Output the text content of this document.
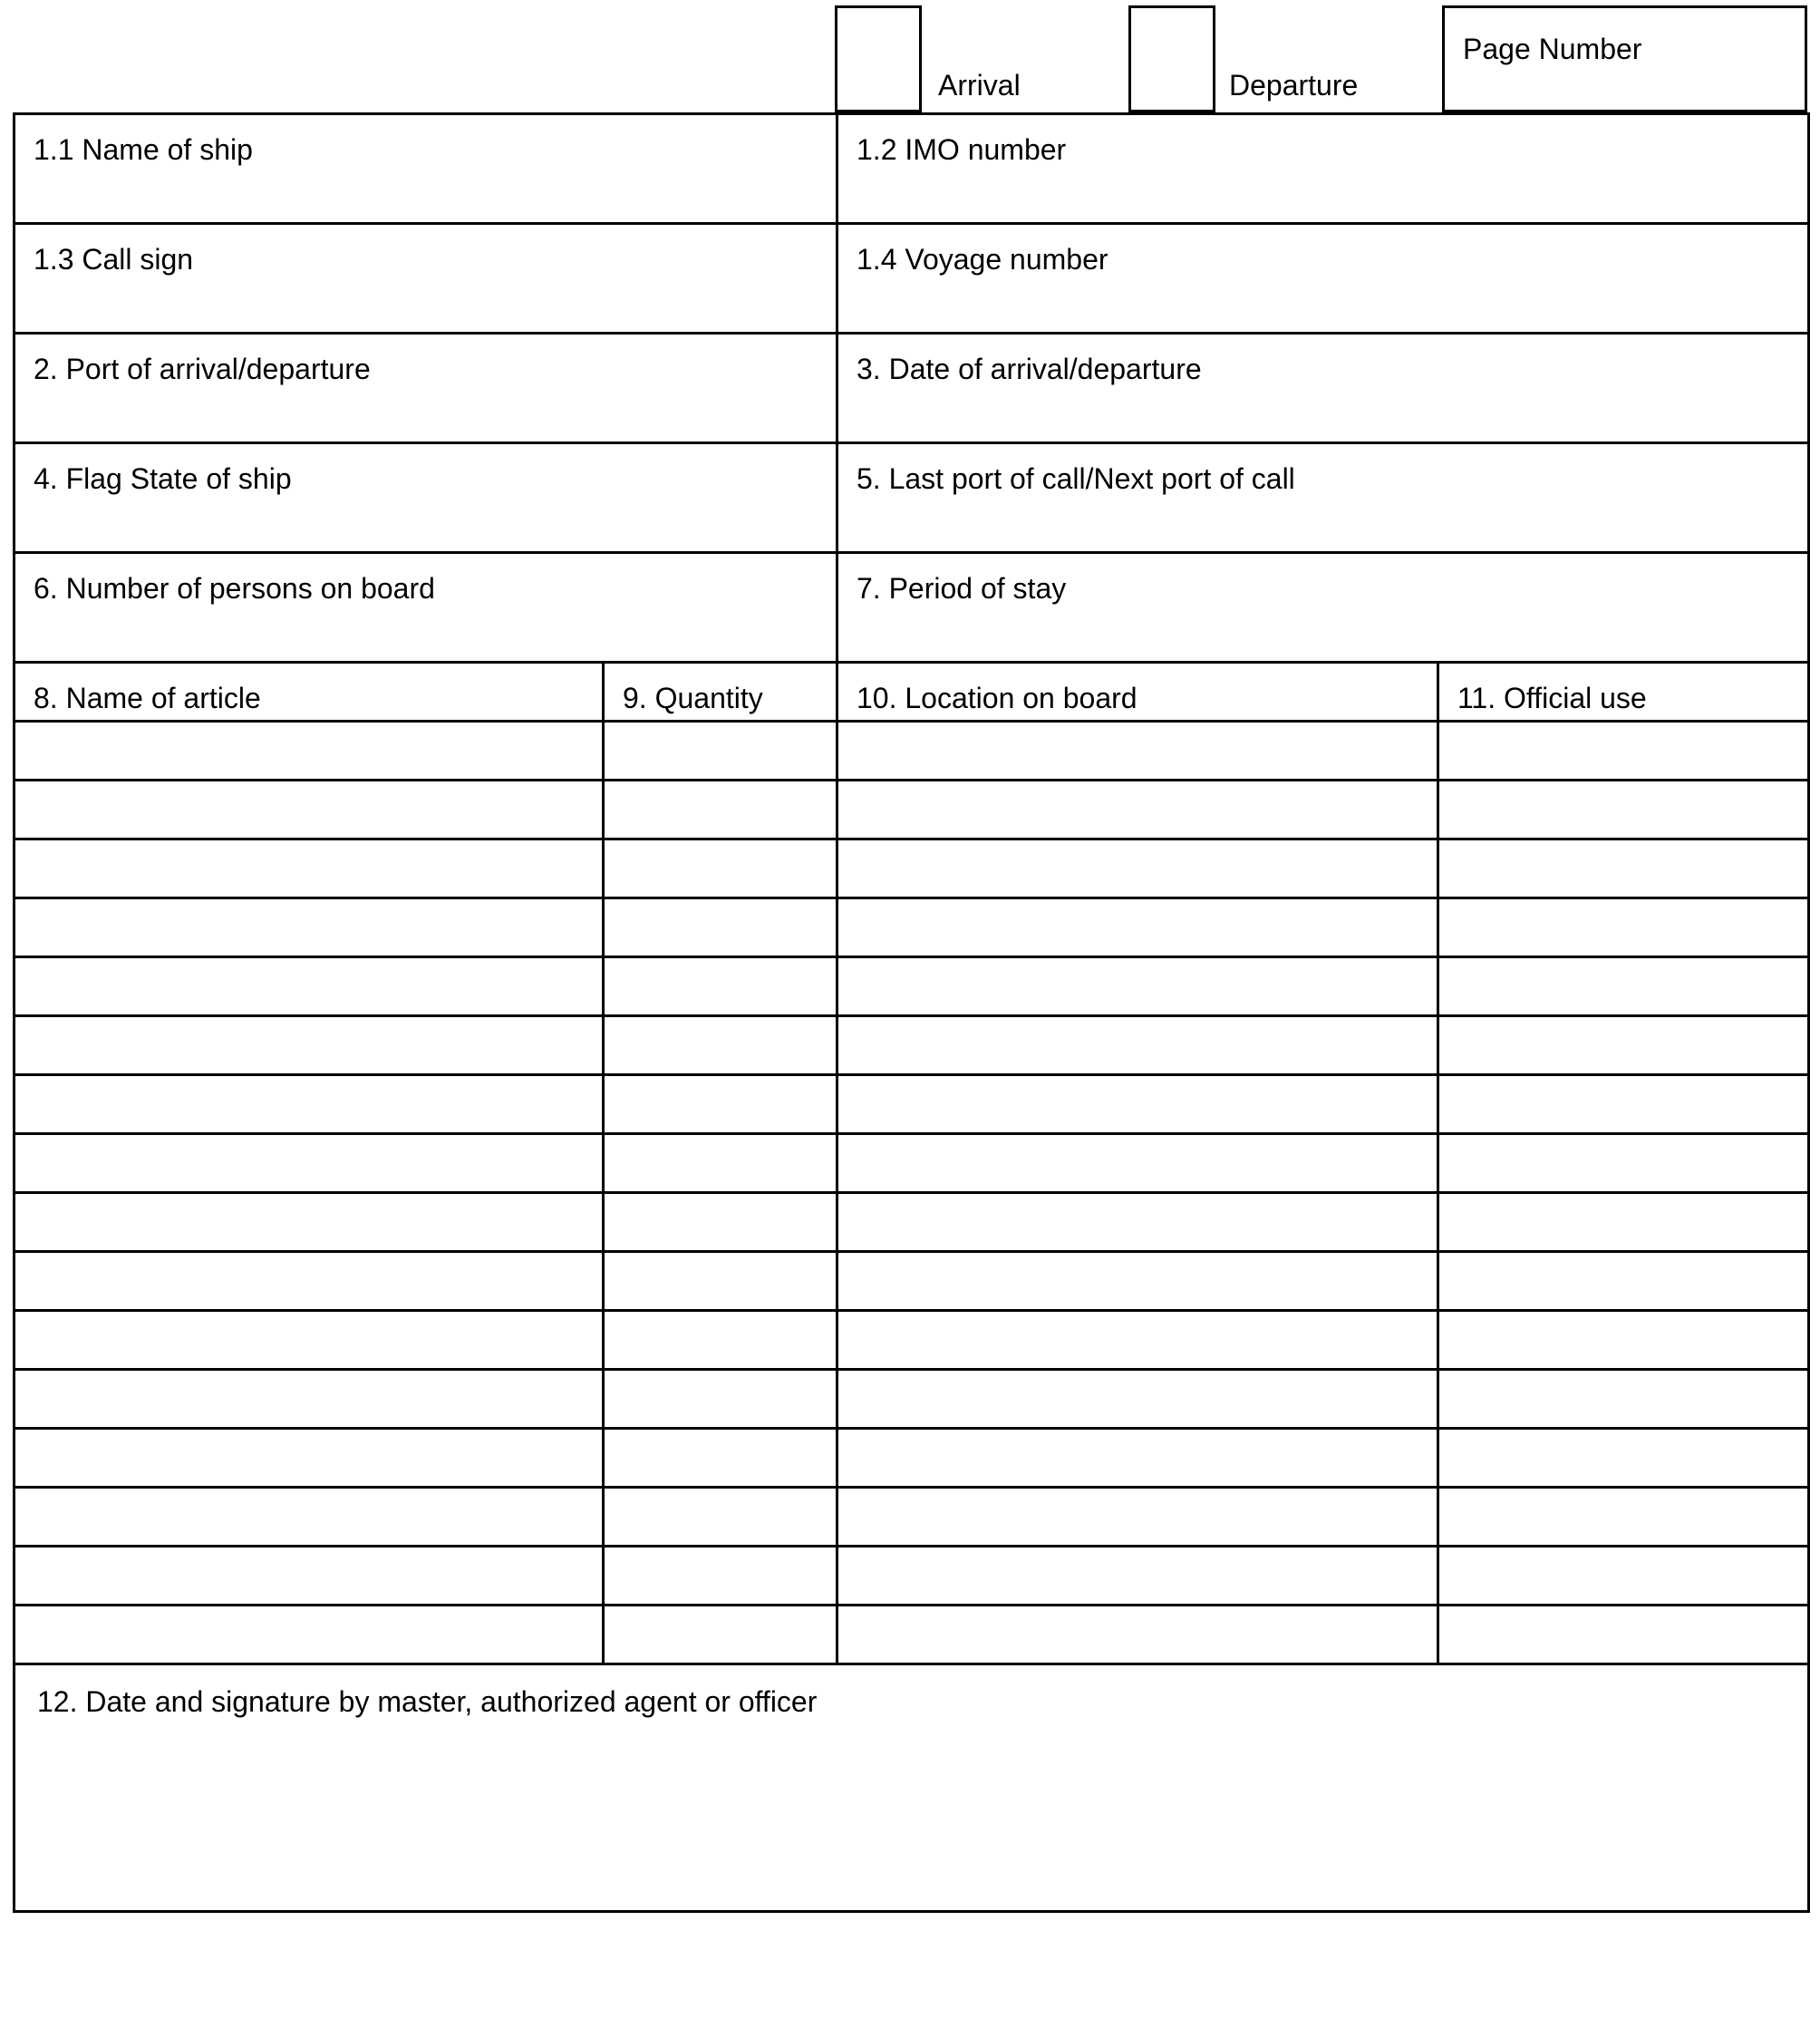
Arrival	Departure
Page Number
1.1 Name of ship		1.2 IMO number	

1.3 Call sign		1.4 Voyage number	

2. Port of arrival/departure		3. Date of arrival/departure	

4. Flag State of ship		5. Last port of call/Next port of call	

6. Number of persons on board		7. Period of stay	

8. Name of article	9. Quantity	10. Location on board	11. Official use

12. Date and signature by master, authorized agent or officer			
